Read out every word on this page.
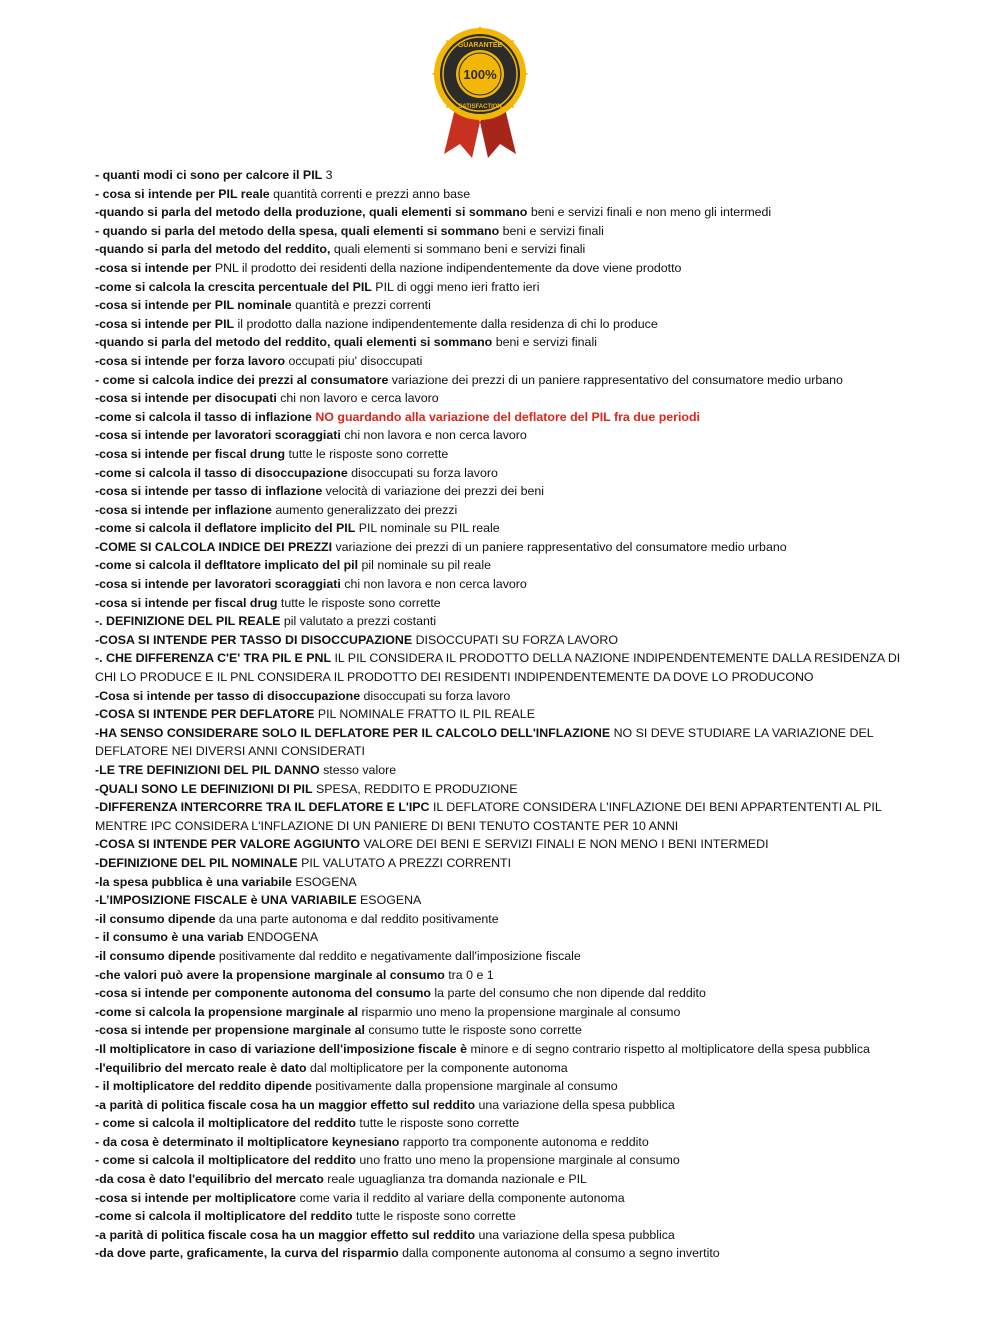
100%
GUARANTEE
SATISFACTION

- quanti modi ci sono per calcore il PIL 3

- cosa si intende per PIL reale quantità correnti e prezzi anno base

-quando si parla del metodo della produzione, quali elementi si sommano beni e servizi finali e non meno gli intermedi

- quando si parla del metodo della spesa, quali elementi si sommano beni e servizi finali

-quando si parla del metodo del reddito, quali elementi si sommano beni e servizi finali

-cosa si intende per PNL il prodotto dei residenti della nazione indipendentemente da dove viene prodotto

-come si calcola la crescita percentuale del PIL PIL di oggi meno ieri fratto ieri

-cosa si intende per PIL nominale quantità e prezzi correnti

-cosa si intende per PIL il prodotto dalla nazione indipendentemente dalla residenza di chi lo produce

-quando si parla del metodo del reddito, quali elementi si sommano beni e servizi finali

-cosa si intende per forza lavoro occupati piu' disoccupati

- come si calcola indice dei prezzi al consumatore variazione dei prezzi di un paniere rappresentativo del consumatore medio urbano

-cosa si intende per disocupati chi non lavoro e cerca lavoro

-come si calcola il tasso di inflazione NO guardando alla variazione del deflatore del PIL fra due periodi

-cosa si intende per lavoratori scoraggiati chi non lavora e non cerca lavoro

-cosa si intende per fiscal drung tutte le risposte sono corrette

-come si calcola il tasso di disoccupazione disoccupati su forza lavoro

-cosa si intende per tasso di inflazione velocità di variazione dei prezzi dei beni

-cosa si intende per inflazione aumento generalizzato dei prezzi

-come si calcola il deflatore implicito del PIL PIL nominale su PIL reale

-COME SI CALCOLA INDICE DEI PREZZI variazione dei prezzi di un paniere rappresentativo del consumatore medio urbano

-come si calcola il defltatore implicato del pil pil nominale su pil reale

-cosa si intende per lavoratori scoraggiati chi non lavora e non cerca lavoro

-cosa si intende per fiscal drug tutte le risposte sono corrette

-. DEFINIZIONE DEL PIL REALE pil valutato a prezzi costanti

-COSA SI INTENDE PER TASSO DI DISOCCUPAZIONE DISOCCUPATI SU FORZA LAVORO

-. CHE DIFFERENZA C'E' TRA PIL E PNL IL PIL CONSIDERA IL PRODOTTO DELLA NAZIONE INDIPENDENTEMENTE DALLA RESIDENZA DI CHI LO PRODUCE E IL PNL CONSIDERA IL PRODOTTO DEI RESIDENTI INDIPENDENTEMENTE DA DOVE LO PRODUCONO

-Cosa si intende per tasso di disoccupazione disoccupati su forza lavoro

-COSA SI INTENDE PER DEFLATORE PIL NOMINALE FRATTO IL PIL REALE

-HA SENSO CONSIDERARE SOLO IL DEFLATORE PER IL CALCOLO DELL'INFLAZIONE NO SI DEVE STUDIARE LA VARIAZIONE DEL DEFLATORE NEI DIVERSI ANNI CONSIDERATI

-LE TRE DEFINIZIONI DEL PIL DANNO stesso valore

-QUALI SONO LE DEFINIZIONI DI PIL SPESA, REDDITO E PRODUZIONE

-DIFFERENZA INTERCORRE TRA IL DEFLATORE E L'IPC IL DEFLATORE CONSIDERA L'INFLAZIONE DEI BENI APPARTENTENTI AL PIL MENTRE IPC CONSIDERA L'INFLAZIONE DI UN PANIERE DI BENI TENUTO COSTANTE PER 10 ANNI

-COSA SI INTENDE PER VALORE AGGIUNTO VALORE DEI BENI E SERVIZI FINALI E NON MENO I BENI INTERMEDI

-DEFINIZIONE DEL PIL NOMINALE PIL VALUTATO A PREZZI CORRENTI

-la spesa pubblica è una variabile ESOGENA

-L’IMPOSIZIONE FISCALE è UNA VARIABILE ESOGENA

-il consumo dipende da una parte autonoma e dal reddito positivamente

- il consumo è una variab ENDOGENA

-il consumo dipende positivamente dal reddito e negativamente dall'imposizione fiscale

-che valori può avere la propensione marginale al consumo tra 0 e 1

-cosa si intende per componente autonoma del consumo la parte del consumo che non dipende dal reddito

-come si calcola la propensione marginale al risparmio uno meno la propensione marginale al consumo

-cosa si intende per propensione marginale al consumo tutte le risposte sono corrette

-Il moltiplicatore in caso di variazione dell'imposizione fiscale è minore e di segno contrario rispetto al moltiplicatore della spesa pubblica

-l'equilibrio del mercato reale è dato dal moltiplicatore per la componente autonoma

- il moltiplicatore del reddito dipende positivamente dalla propensione marginale al consumo

-a parità di politica fiscale cosa ha un maggior effetto sul reddito una variazione della spesa pubblica

- come si calcola il moltiplicatore del reddito tutte le risposte sono corrette

- da cosa è determinato il moltiplicatore keynesiano rapporto tra componente autonoma e reddito

- come si calcola il moltiplicatore del reddito uno fratto uno meno la propensione marginale al consumo

-da cosa è dato l'equilibrio del mercato reale uguaglianza tra domanda nazionale e PIL

-cosa si intende per moltiplicatore come varia il reddito al variare della componente autonoma

-come si calcola il moltiplicatore del reddito tutte le risposte sono corrette

-a parità di politica fiscale cosa ha un maggior effetto sul reddito una variazione della spesa pubblica

-da dove parte, graficamente, la curva del risparmio dalla componente autonoma al consumo a segno invertito
